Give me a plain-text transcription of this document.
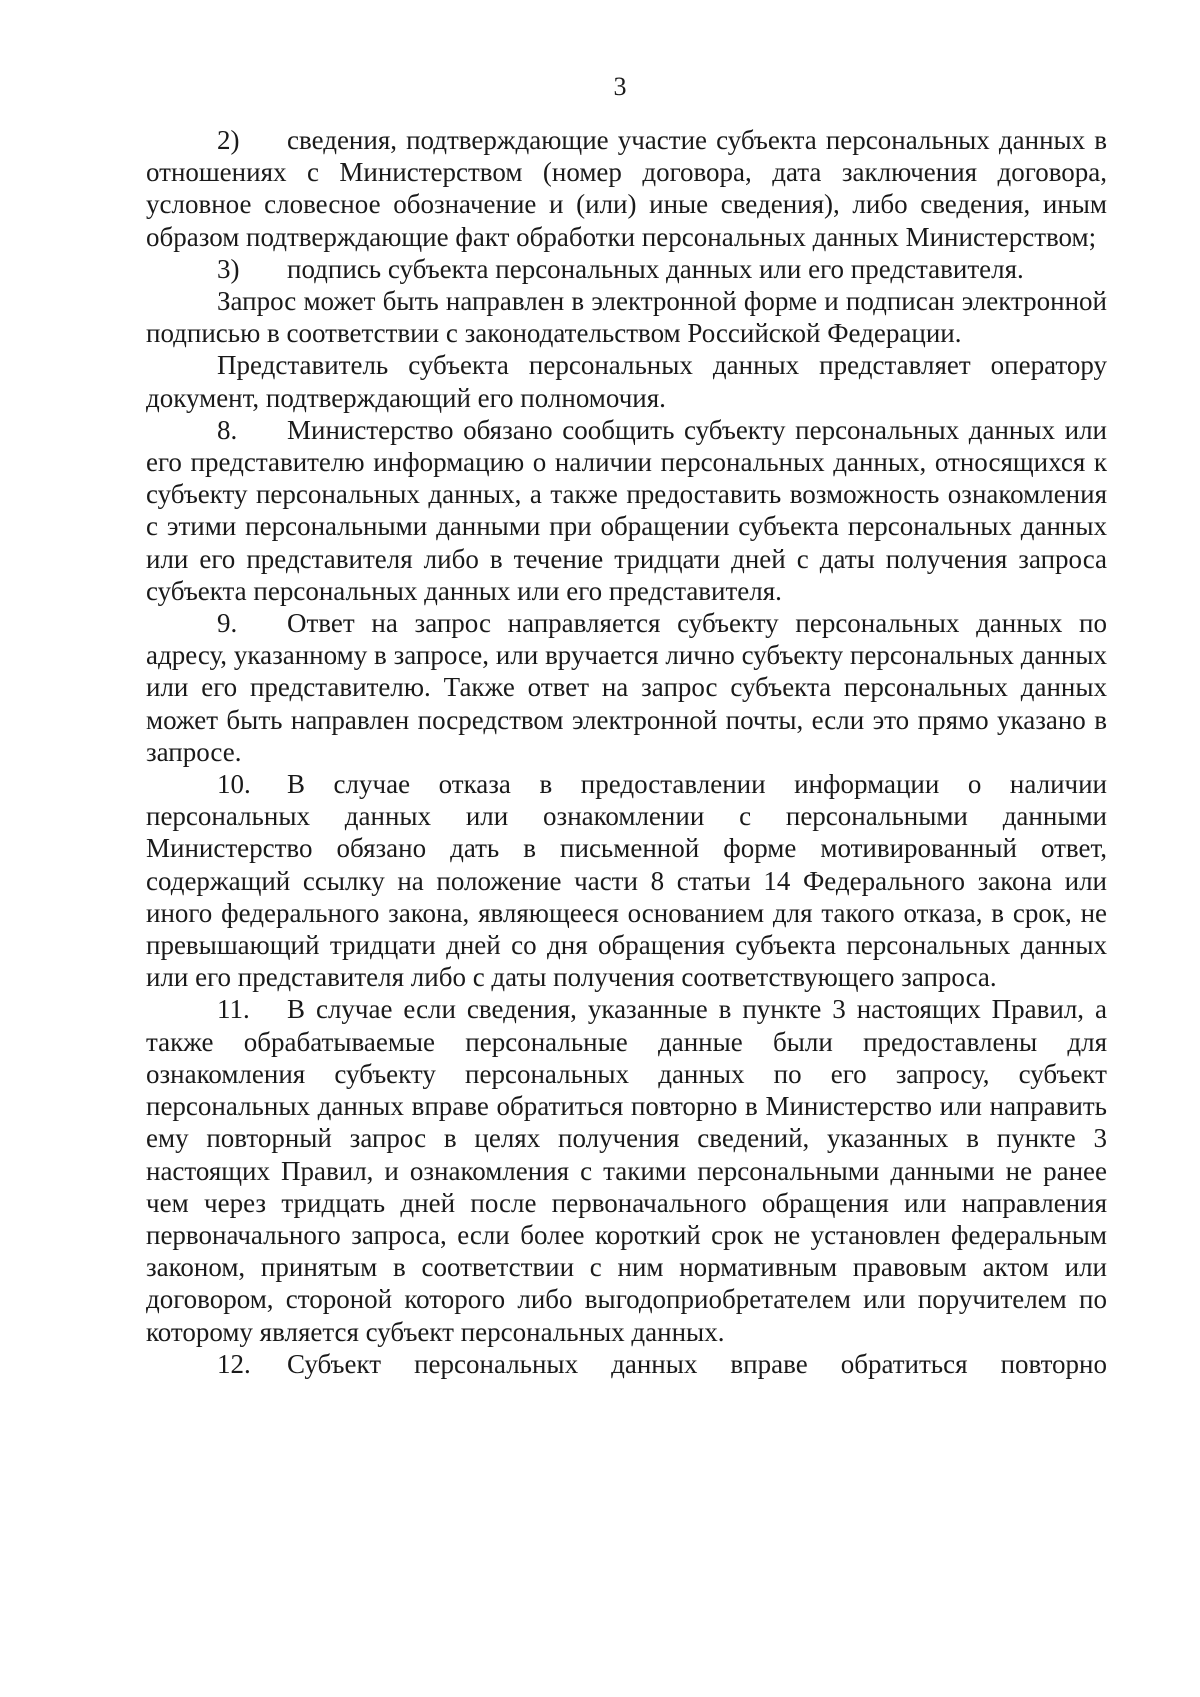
3

2) сведения, подтверждающие участие субъекта персональных данных в отношениях с Министерством (номер договора, дата заключения договора, условное словесное обозначение и (или) иные сведения), либо сведения, иным образом подтверждающие факт обработки персональных данных Министерством;

3) подпись субъекта персональных данных или его представителя.

Запрос может быть направлен в электронной форме и подписан электронной подписью в соответствии с законодательством Российской Федерации.

Представитель субъекта персональных данных представляет оператору документ, подтверждающий его полномочия.

8. Министерство обязано сообщить субъекту персональных данных или его представителю информацию о наличии персональных данных, относящихся к субъекту персональных данных, а также предоставить возможность ознакомления с этими персональными данными при обращении субъекта персональных данных или его представителя либо в течение тридцати дней с даты получения запроса субъекта персональных данных или его представителя.

9. Ответ на запрос направляется субъекту персональных данных по адресу, указанному в запросе, или вручается лично субъекту персональных данных или его представителю. Также ответ на запрос субъекта персональных данных может быть направлен посредством электронной почты, если это прямо указано в запросе.

10. В случае отказа в предоставлении информации о наличии персональных данных или ознакомлении с персональными данными Министерство обязано дать в письменной форме мотивированный ответ, содержащий ссылку на положение части 8 статьи 14 Федерального закона или иного федерального закона, являющееся основанием для такого отказа, в срок, не превышающий тридцати дней со дня обращения субъекта персональных данных или его представителя либо с даты получения соответствующего запроса.

11. В случае если сведения, указанные в пункте 3 настоящих Правил, а также обрабатываемые персональные данные были предоставлены для ознакомления субъекту персональных данных по его запросу, субъект персональных данных вправе обратиться повторно в Министерство или направить ему повторный запрос в целях получения сведений, указанных в пункте 3 настоящих Правил, и ознакомления с такими персональными данными не ранее чем через тридцать дней после первоначального обращения или направления первоначального запроса, если более короткий срок не установлен федеральным законом, принятым в соответствии с ним нормативным правовым актом или договором, стороной которого либо выгодоприобретателем или поручителем по которому является субъект персональных данных.

12. Субъект персональных данных вправе обратиться повторно
